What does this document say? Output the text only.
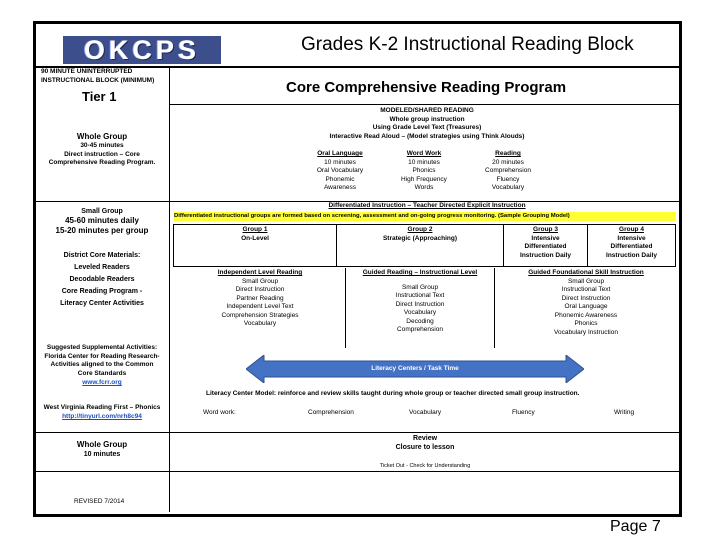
OKCPS	Grades K-2 Instructional Reading Block
90 MINUTE UNINTERRUPTED
INSTRUCTIONAL BLOCK (MINIMUM)
Tier 1
Whole Group
30-45 minutes
Direct instruction – Core
Comprehensive Reading Program.
Small Group
45-60 minutes daily
15-20 minutes per group
District Core Materials:
Leveled Readers
Decodable Readers
Core Reading Program -
Literacy Center Activities
Suggested Supplemental Activities:
Florida Center for Reading Research-
Activities aligned to the Common
Core Standards
www.fcrr.org
West Virginia Reading First – Phonics
http://tinyurl.com/nrh8c94
Whole Group
10 minutes
REVISED 7/2014
Core Comprehensive Reading Program
MODELED/SHARED READING
Whole group instruction
Using Grade Level Text (Treasures)
Interactive Read Aloud – (Model strategies using Think Alouds)
Oral Language
10 minutes
Oral Vocabulary
Phonemic
Awareness
Word Work
10 minutes
Phonics
High Frequency
Words
Reading
20 minutes
Comprehension
Fluency
Vocabulary
Differentiated Instruction – Teacher Directed Explicit Instruction
Differentiated instructional groups are formed based on screening, assessment and on-going progress monitoring. (Sample Grouping Model)
Group 1
On-Level
Group 2
Strategic (Approaching)
Group 3
Intensive
Differentiated
Instruction Daily
Group 4
Intensive
Differentiated
Instruction Daily
Independent Level Reading
Small Group
Direct Instruction
Partner Reading
Independent Level Text
Comprehension Strategies
Vocabulary
Guided Reading – Instructional Level
Small Group
Instructional Text
Direct Instruction
Vocabulary
Decoding
Comprehension
Guided Foundational Skill Instruction
Small Group
Instructional Text
Direct Instruction
Oral Language
Phonemic Awareness
Phonics
Vocabulary Instruction
Literacy Centers / Task Time
Literacy Center Model: reinforce and review skills taught during whole group or teacher directed small group instruction.
Word work:	Comprehension	Vocabulary	Fluency	Writing
Review
Closure to lesson
Ticket Out - Check for Understanding
Page 7
